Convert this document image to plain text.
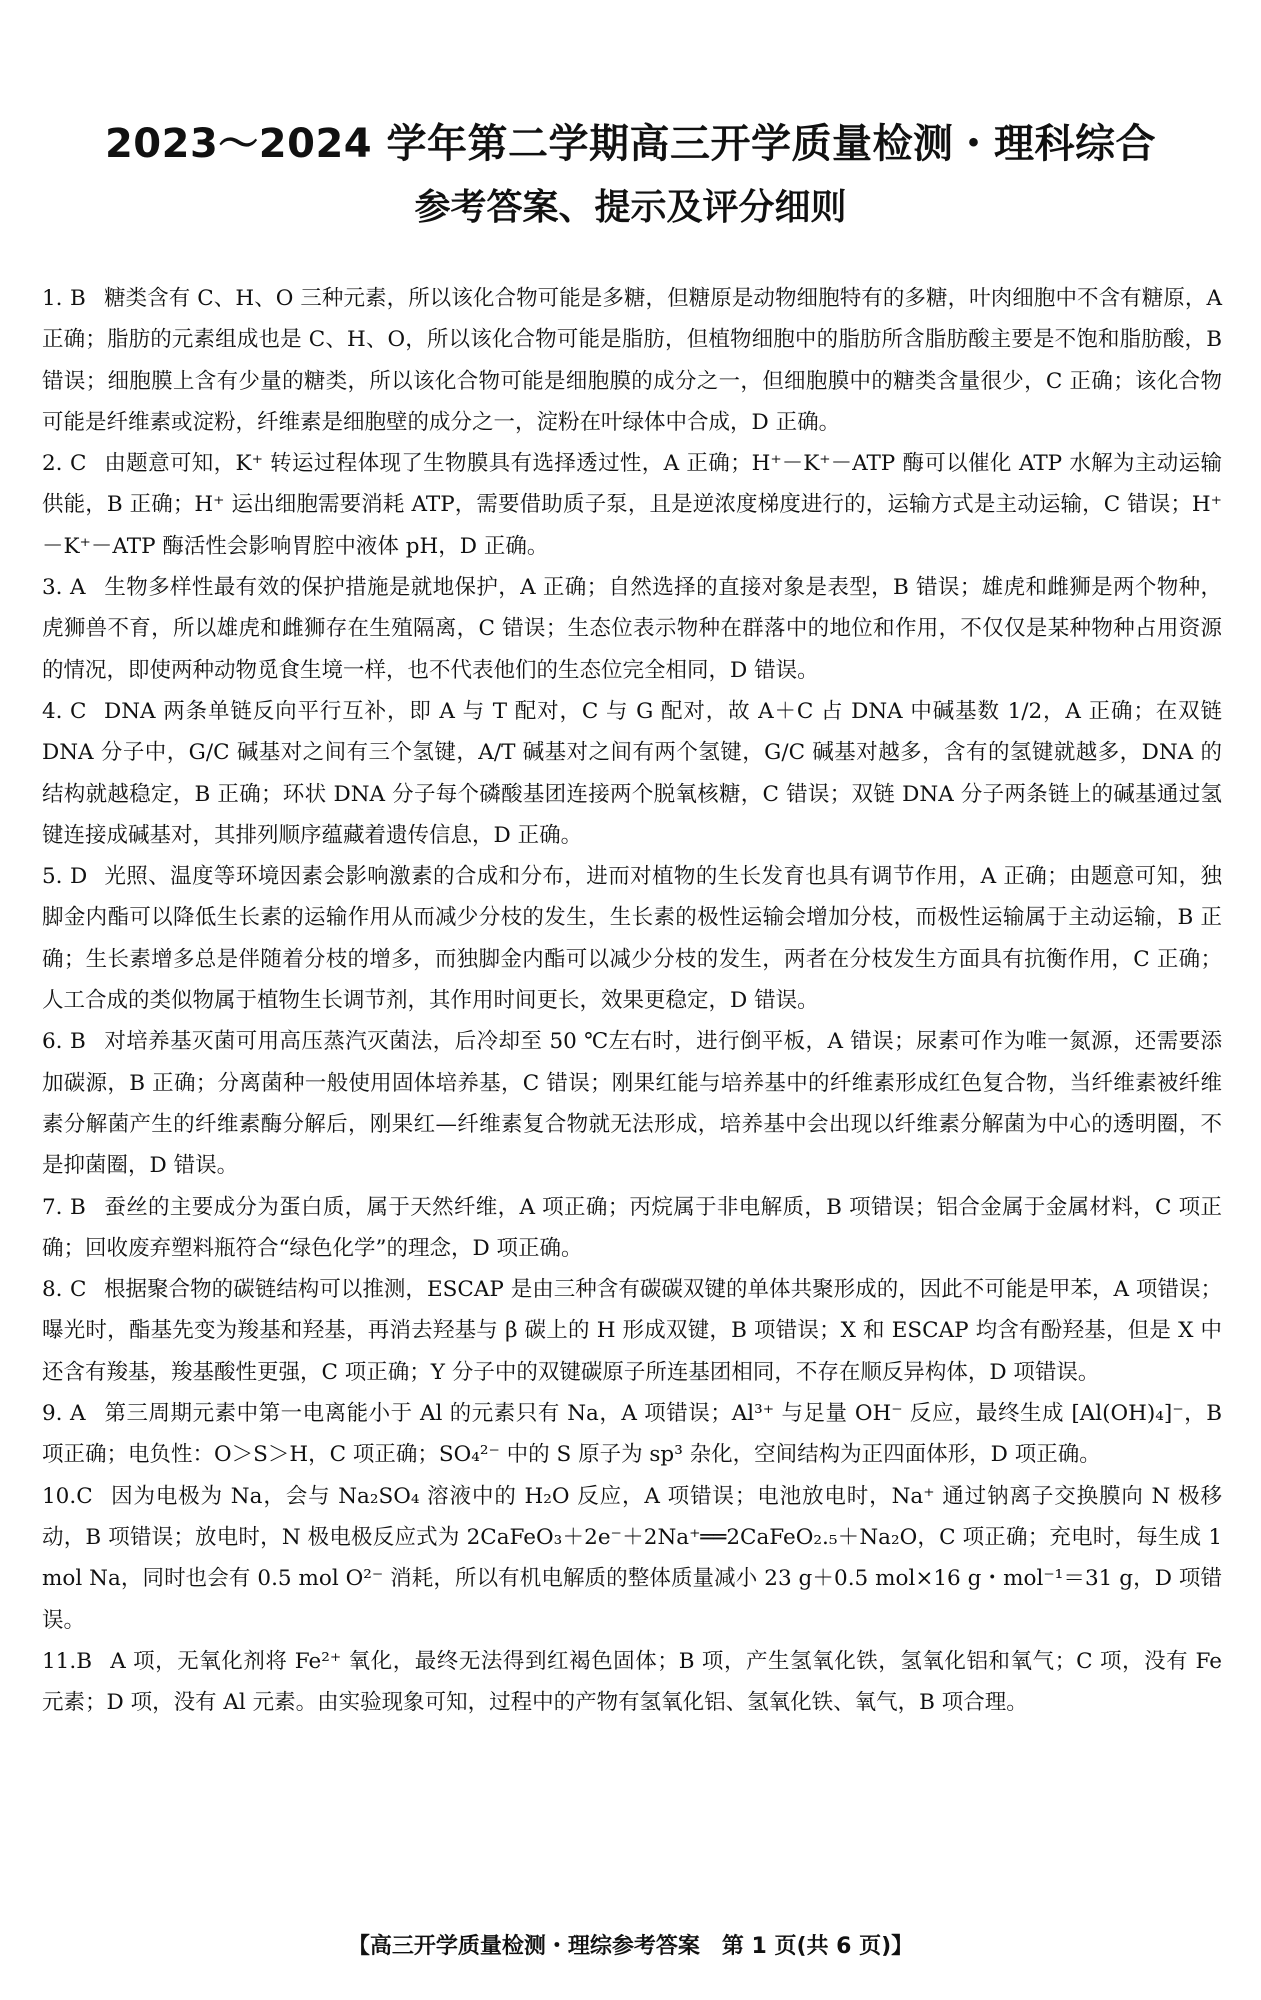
2023～2024 学年第二学期高三开学质量检测・理科综合
参考答案、提示及评分细则

1. B 糖类含有 C、H、O 三种元素，所以该化合物可能是多糖，但糖原是动物细胞特有的多糖，叶肉细胞中不含有糖原，A 正确；脂肪的元素组成也是 C、H、O，所以该化合物可能是脂肪，但植物细胞中的脂肪所含脂肪酸主要是不饱和脂肪酸，B 错误；细胞膜上含有少量的糖类，所以该化合物可能是细胞膜的成分之一，但细胞膜中的糖类含量很少，C 正确；该化合物可能是纤维素或淀粉，纤维素是细胞壁的成分之一，淀粉在叶绿体中合成，D 正确。

2. C 由题意可知，K⁺ 转运过程体现了生物膜具有选择透过性，A 正确；H⁺－K⁺－ATP 酶可以催化 ATP 水解为主动运输供能，B 正确；H⁺ 运出细胞需要消耗 ATP，需要借助质子泵，且是逆浓度梯度进行的，运输方式是主动运输，C 错误；H⁺－K⁺－ATP 酶活性会影响胃腔中液体 pH，D 正确。

3. A 生物多样性最有效的保护措施是就地保护，A 正确；自然选择的直接对象是表型，B 错误；雄虎和雌狮是两个物种，虎狮兽不育，所以雄虎和雌狮存在生殖隔离，C 错误；生态位表示物种在群落中的地位和作用，不仅仅是某种物种占用资源的情况，即使两种动物觅食生境一样，也不代表他们的生态位完全相同，D 错误。

4. C DNA 两条单链反向平行互补，即 A 与 T 配对，C 与 G 配对，故 A＋C 占 DNA 中碱基数 1/2，A 正确；在双链 DNA 分子中，G/C 碱基对之间有三个氢键，A/T 碱基对之间有两个氢键，G/C 碱基对越多，含有的氢键就越多，DNA 的结构就越稳定，B 正确；环状 DNA 分子每个磷酸基团连接两个脱氧核糖，C 错误；双链 DNA 分子两条链上的碱基通过氢键连接成碱基对，其排列顺序蕴藏着遗传信息，D 正确。

5. D 光照、温度等环境因素会影响激素的合成和分布，进而对植物的生长发育也具有调节作用，A 正确；由题意可知，独脚金内酯可以降低生长素的运输作用从而减少分枝的发生，生长素的极性运输会增加分枝，而极性运输属于主动运输，B 正确；生长素增多总是伴随着分枝的增多，而独脚金内酯可以减少分枝的发生，两者在分枝发生方面具有抗衡作用，C 正确；人工合成的类似物属于植物生长调节剂，其作用时间更长，效果更稳定，D 错误。

6. B 对培养基灭菌可用高压蒸汽灭菌法，后冷却至 50 ℃左右时，进行倒平板，A 错误；尿素可作为唯一氮源，还需要添加碳源，B 正确；分离菌种一般使用固体培养基，C 错误；刚果红能与培养基中的纤维素形成红色复合物，当纤维素被纤维素分解菌产生的纤维素酶分解后，刚果红—纤维素复合物就无法形成，培养基中会出现以纤维素分解菌为中心的透明圈，不是抑菌圈，D 错误。

7. B 蚕丝的主要成分为蛋白质，属于天然纤维，A 项正确；丙烷属于非电解质，B 项错误；铝合金属于金属材料，C 项正确；回收废弃塑料瓶符合“绿色化学”的理念，D 项正确。

8. C 根据聚合物的碳链结构可以推测，ESCAP 是由三种含有碳碳双键的单体共聚形成的，因此不可能是甲苯，A 项错误；曝光时，酯基先变为羧基和羟基，再消去羟基与 β 碳上的 H 形成双键，B 项错误；X 和 ESCAP 均含有酚羟基，但是 X 中还含有羧基，羧基酸性更强，C 项正确；Y 分子中的双键碳原子所连基团相同，不存在顺反异构体，D 项错误。

9. A 第三周期元素中第一电离能小于 Al 的元素只有 Na，A 项错误；Al³⁺ 与足量 OH⁻ 反应，最终生成 [Al(OH)₄]⁻，B 项正确；电负性：O＞S＞H，C 项正确；SO₄²⁻ 中的 S 原子为 sp³ 杂化，空间结构为正四面体形，D 项正确。

10.C 因为电极为 Na，会与 Na₂SO₄ 溶液中的 H₂O 反应，A 项错误；电池放电时，Na⁺ 通过钠离子交换膜向 N 极移动，B 项错误；放电时，N 极电极反应式为 2CaFeO₃＋2e⁻＋2Na⁺══2CaFeO₂.₅＋Na₂O，C 项正确；充电时，每生成 1 mol Na，同时也会有 0.5 mol O²⁻ 消耗，所以有机电解质的整体质量减小 23 g＋0.5 mol×16 g・mol⁻¹＝31 g，D 项错误。

11.B A 项，无氧化剂将 Fe²⁺ 氧化，最终无法得到红褐色固体；B 项，产生氢氧化铁，氢氧化铝和氧气；C 项，没有 Fe 元素；D 项，没有 Al 元素。由实验现象可知，过程中的产物有氢氧化铝、氢氧化铁、氧气，B 项合理。

【高三开学质量检测・理综参考答案　第 1 页(共 6 页)】
